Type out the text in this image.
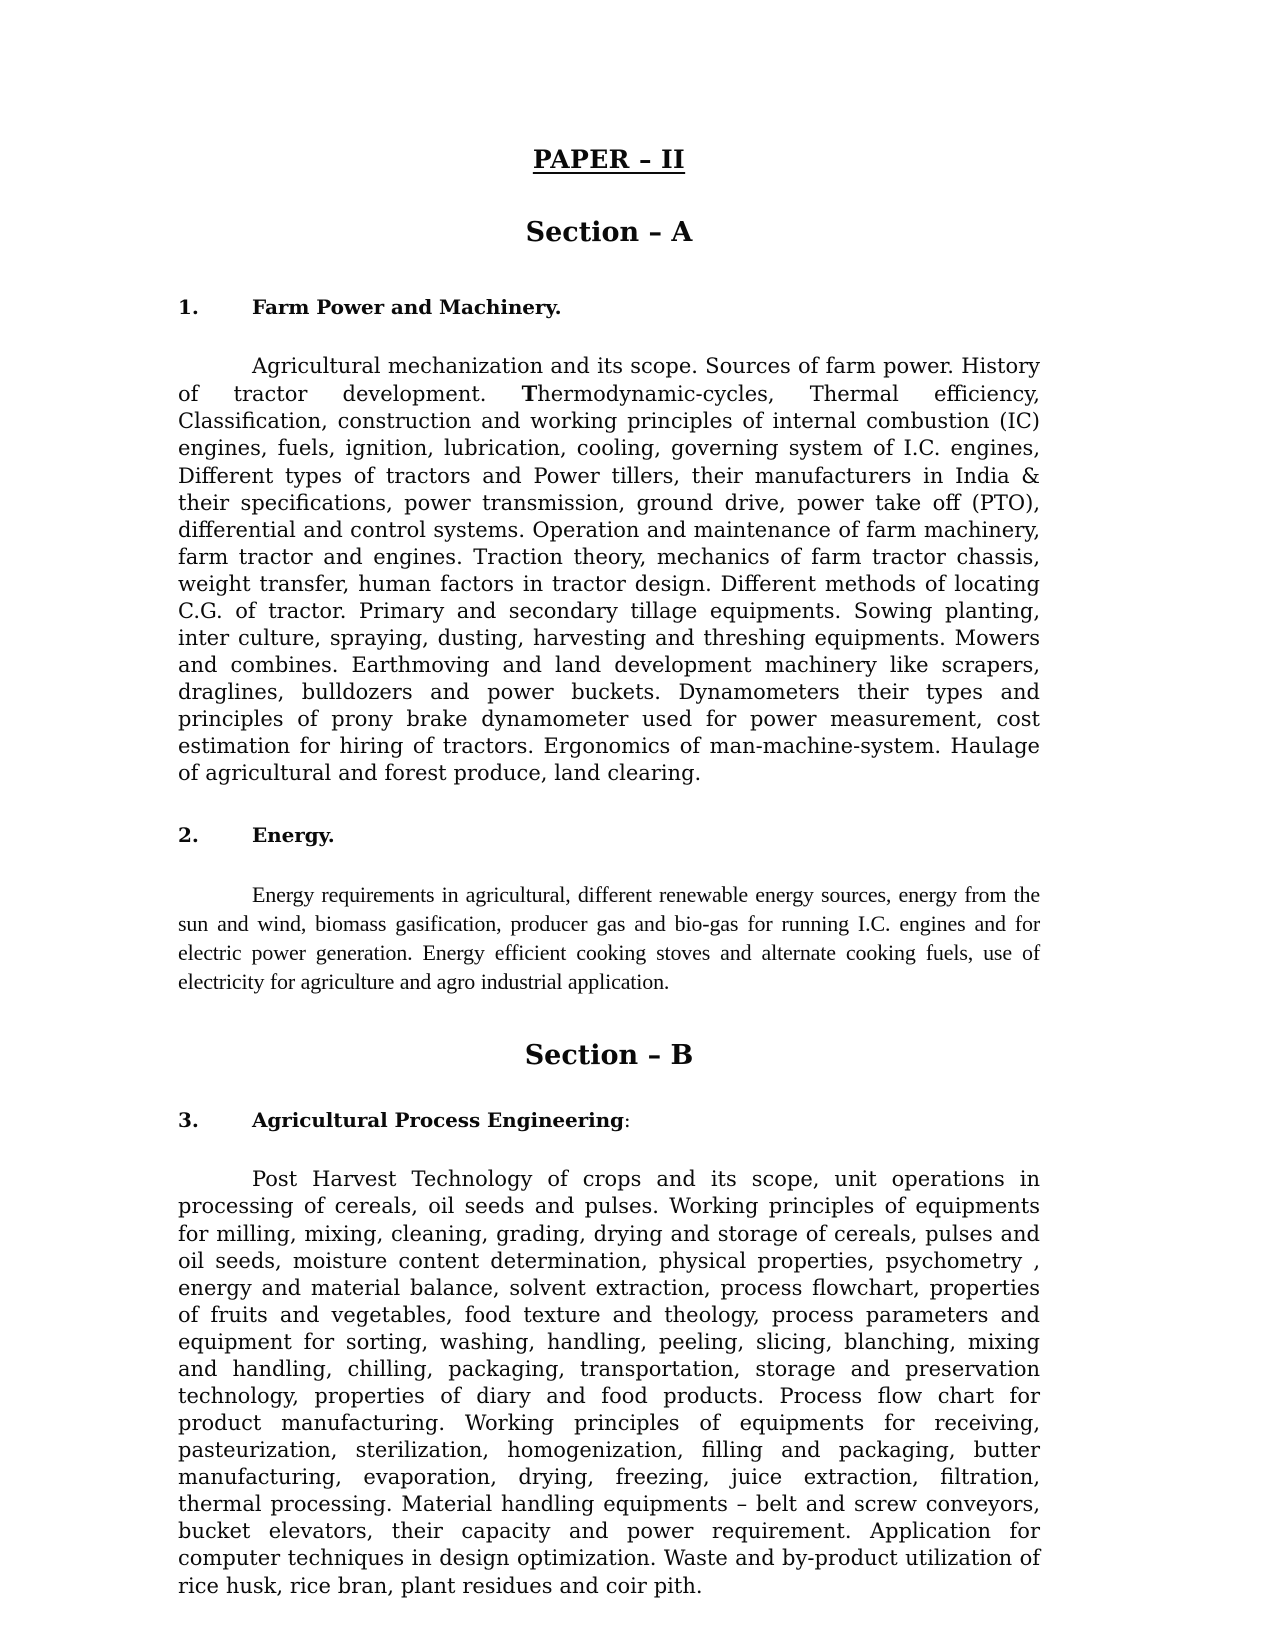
PAPER – II
Section – A
1.	Farm Power and Machinery.

Agricultural mechanization and its scope. Sources of farm power. History of tractor development. Thermodynamic-cycles, Thermal efficiency, Classification, construction and working principles of internal combustion (IC) engines, fuels, ignition, lubrication, cooling, governing system of I.C. engines, Different types of tractors and Power tillers, their manufacturers in India & their specifications, power transmission, ground drive, power take off (PTO), differential and control systems. Operation and maintenance of farm machinery, farm tractor and engines. Traction theory, mechanics of farm tractor chassis, weight transfer, human factors in tractor design. Different methods of locating C.G. of tractor. Primary and secondary tillage equipments. Sowing planting, inter culture, spraying, dusting, harvesting and threshing equipments. Mowers and combines. Earthmoving and land development machinery like scrapers, draglines, bulldozers and power buckets. Dynamometers their types and principles of prony brake dynamometer used for power measurement, cost estimation for hiring of tractors. Ergonomics of man-machine-system. Haulage of agricultural and forest produce, land clearing.

2.	Energy.

Energy requirements in agricultural, different renewable energy sources, energy from the sun and wind, biomass gasification, producer gas and bio-gas for running I.C. engines and for electric power generation. Energy efficient cooking stoves and alternate cooking fuels, use of electricity for agriculture and agro industrial application.

Section – B
3.	Agricultural Process Engineering:

Post Harvest Technology of crops and its scope, unit operations in processing of cereals, oil seeds and pulses. Working principles of equipments for milling, mixing, cleaning, grading, drying and storage of cereals, pulses and oil seeds, moisture content determination, physical properties, psychometry , energy and material balance, solvent extraction, process flowchart, properties of fruits and vegetables, food texture and theology, process parameters and equipment for sorting, washing, handling, peeling, slicing, blanching, mixing and handling, chilling, packaging, transportation, storage and preservation technology, properties of diary and food products. Process flow chart for product manufacturing. Working principles of equipments for receiving, pasteurization, sterilization, homogenization, filling and packaging, butter manufacturing, evaporation, drying, freezing, juice extraction, filtration, thermal processing. Material handling equipments – belt and screw conveyors, bucket elevators, their capacity and power requirement. Application for computer techniques in design optimization. Waste and by-product utilization of rice husk, rice bran, plant residues and coir pith.
